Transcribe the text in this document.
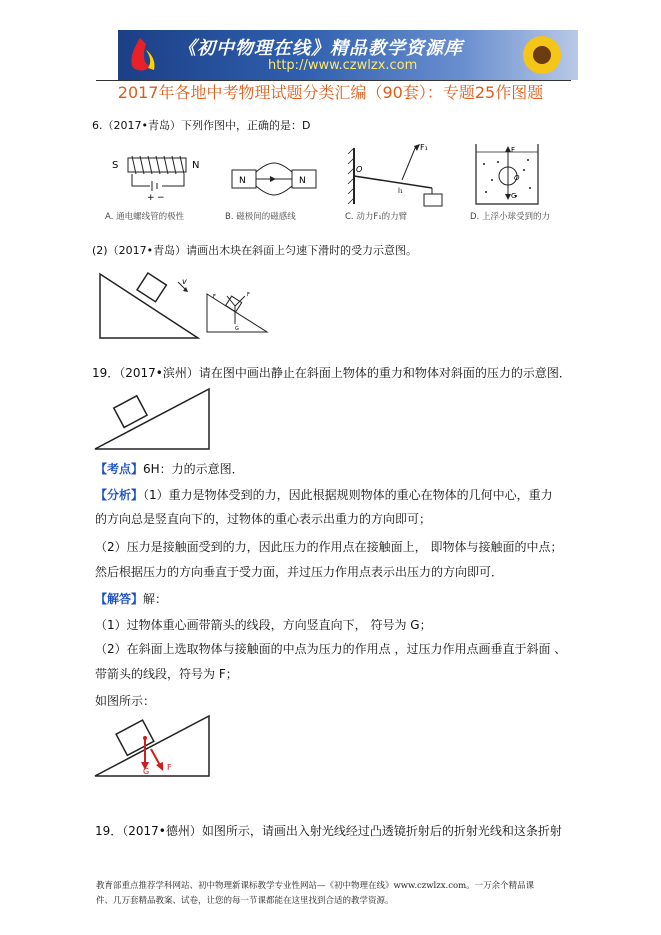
《初中物理在线》精品教学资源库
http://www.czwlzx.com
2017年各地中考物理试题分类汇编（90套）：专题25作图题
6.（2017•青岛）下列作图中，正确的是：D
S	N
+ −
A. 通电螺线管的极性
N	N
B. 磁极间的磁感线
F₁
O
l₁
C. 动力F₁的力臂
F
O
G
D. 上浮小球受到的力
(2)（2017•青岛）请画出木块在斜面上匀速下滑时的受力示意图。
v
F	F
G
19．（2017•滨州）请在图中画出静止在斜面上物体的重力和物体对斜面的压力的示意图．
【考点】6H：力的示意图．
【分析】（1）重力是物体受到的力，因此根据规则物体的重心在物体的几何中心，重力
的方向总是竖直向下的，过物体的重心表示出重力的方向即可；
（2）压力是接触面受到的力，因此压力的作用点在接触面上， 即物体与接触面的中点；
然后根据压力的方向垂直于受力面，并过压力作用点表示出压力的方向即可．
【解答】解：
（1）过物体重心画带箭头的线段，方向竖直向下， 符号为 G；
（2）在斜面上选取物体与接触面的中点为压力的作用点 ，过压力作用点画垂直于斜面 、
带箭头的线段，符号为 F；
如图所示：
G F
19．（2017•德州）如图所示，请画出入射光线经过凸透镜折射后的折射光线和这条折射
教育部重点推荐学科网站、初中物理新课标教学专业性网站—《初中物理在线》www.czwlzx.com。一万余个精品课
件、几万套精品教案、试卷，让您的每一节课都能在这里找到合适的教学资源。
